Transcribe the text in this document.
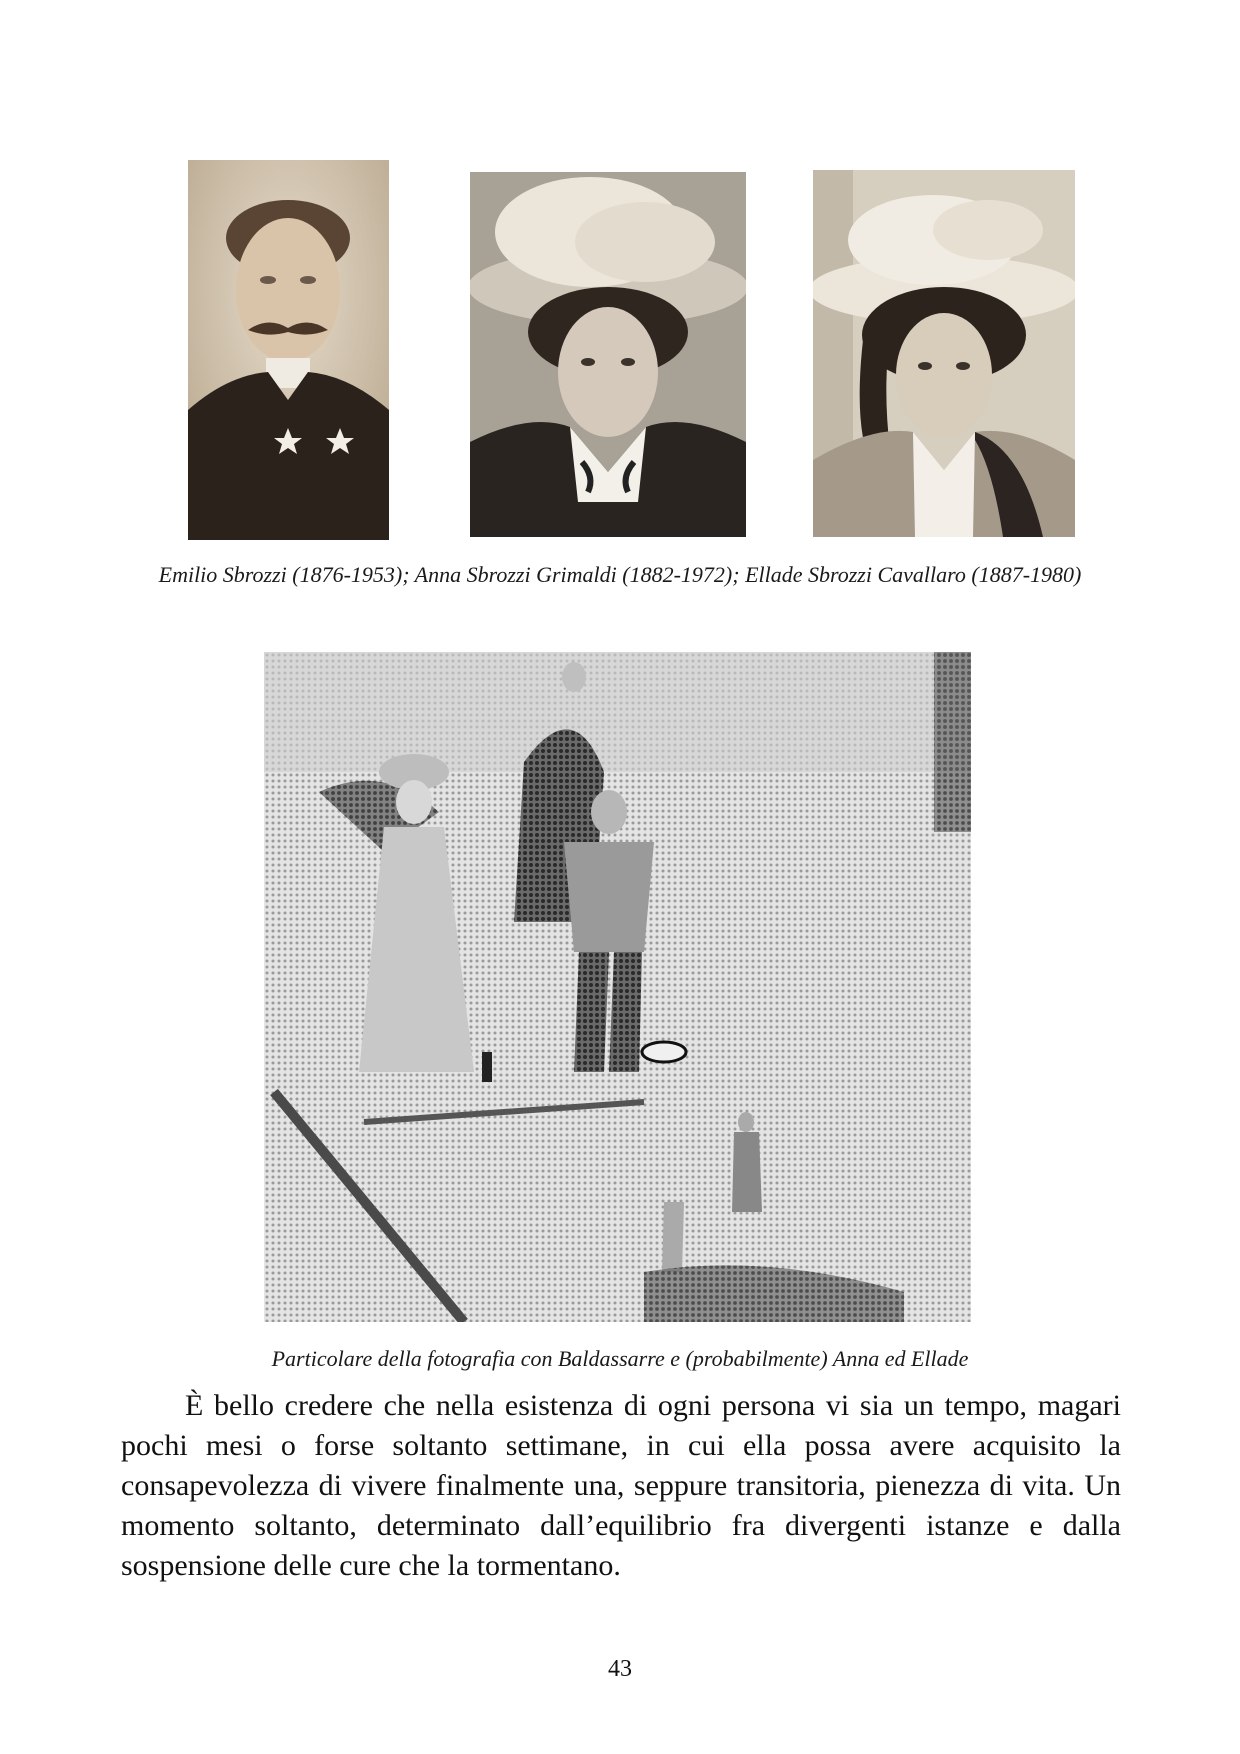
Emilio Sbrozzi (1876-1953); Anna Sbrozzi Grimaldi (1882-1972); Ellade Sbrozzi Cavallaro (1887-1980)
Particolare della fotografia con Baldassarre e (probabilmente) Anna ed Ellade

È bello credere che nella esistenza di ogni persona vi sia un tempo, magari pochi mesi o forse soltanto settimane, in cui ella possa avere acquisito la consapevolezza di vivere finalmente una, seppure transitoria, pienezza di vita. Un momento soltanto, determinato dall’equilibrio fra divergenti istanze e dalla sospensione delle cure che la tormentano.

43
